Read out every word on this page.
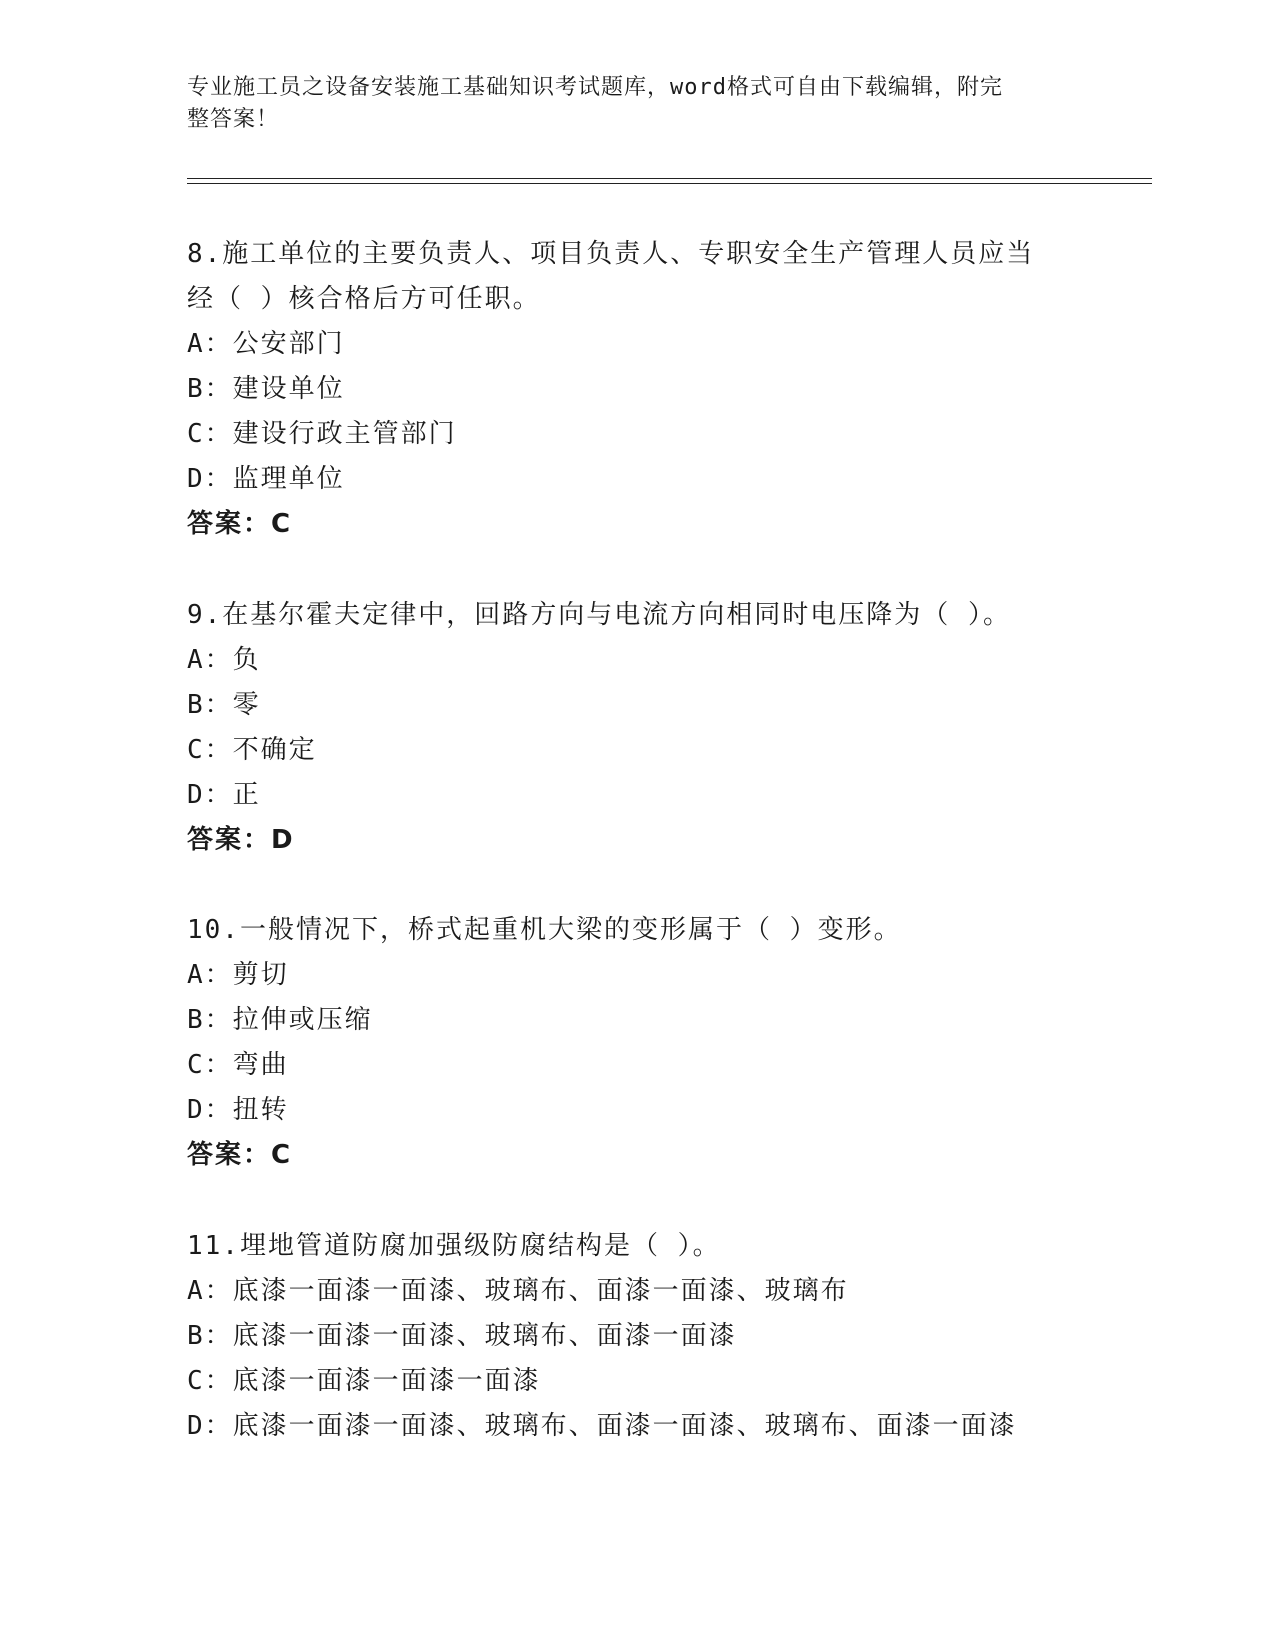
专业施工员之设备安装施工基础知识考试题库，word格式可自由下载编辑，附完
整答案！
8.施工单位的主要负责人、项目负责人、专职安全生产管理人员应当
经（ ）核合格后方可任职。
A：公安部门
B：建设单位
C：建设行政主管部门
D：监理单位
答案：C
9.在基尔霍夫定律中，回路方向与电流方向相同时电压降为（ ）。
A：负
B：零
C：不确定
D：正
答案：D
10.一般情况下，桥式起重机大梁的变形属于（ ）变形。
A：剪切
B：拉伸或压缩
C：弯曲
D：扭转
答案：C
11.埋地管道防腐加强级防腐结构是（ ）。
A：底漆一面漆一面漆、玻璃布、面漆一面漆、玻璃布
B：底漆一面漆一面漆、玻璃布、面漆一面漆
C：底漆一面漆一面漆一面漆
D：底漆一面漆一面漆、玻璃布、面漆一面漆、玻璃布、面漆一面漆
